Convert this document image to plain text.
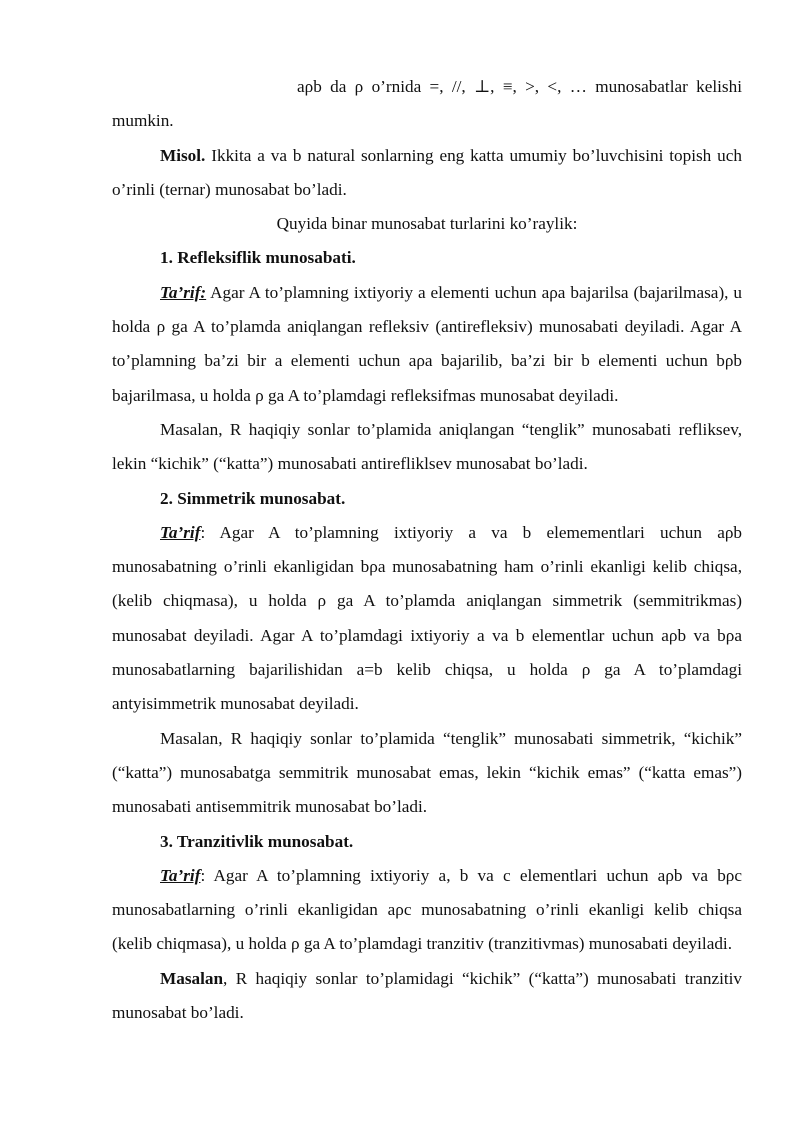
aρb da ρ o’rnida =, //, ⊥, ≡, >, <, … munosabatlar kelishi mumkin.

Misol. Ikkita a va b natural sonlarning eng katta umumiy bo’luvchisini topish uch o’rinli (ternar) munosabat bo’ladi.

Quyida binar munosabat turlarini ko’raylik:

1. Refleksiflik munosabati.

Ta’rif: Agar A to’plamning ixtiyoriy a elementi uchun aρa bajarilsa (bajarilmasa), u holda ρ ga A to’plamda aniqlangan refleksiv (antirefleksiv) munosabati deyiladi. Agar A to’plamning ba’zi bir a elementi uchun aρa bajarilib, ba’zi bir b elementi uchun bρb bajarilmasa, u holda ρ ga A to’plamdagi refleksifmas munosabat deyiladi.

Masalan, R haqiqiy sonlar to’plamida aniqlangan “tenglik” munosabati refliksev, lekin “kichik” (“katta”) munosabati antirefliklsev munosabat bo’ladi.

2. Simmetrik munosabat.

Ta’rif: Agar A to’plamning ixtiyoriy a va b elemementlari uchun aρb munosabatning o’rinli ekanligidan bρa munosabatning ham o’rinli ekanligi kelib chiqsa,(kelib chiqmasa), u holda ρ ga A to’plamda aniqlangan simmetrik (semmitrikmas) munosabat deyiladi. Agar A to’plamdagi ixtiyoriy a va b elementlar uchun aρb va bρa munosabatlarning bajarilishidan a=b kelib chiqsa, u holda ρ ga A to’plamdagi antyisimmetrik munosabat deyiladi.

Masalan, R haqiqiy sonlar to’plamida “tenglik” munosabati simmetrik, “kichik” (“katta”) munosabatga semmitrik munosabat emas, lekin “kichik emas” (“katta emas”) munosabati antisemmitrik munosabat bo’ladi.

3. Tranzitivlik munosabat.

Ta’rif: Agar A to’plamning ixtiyoriy a, b va c elementlari uchun aρb va bρc munosabatlarning o’rinli ekanligidan aρc munosabatning o’rinli ekanligi kelib chiqsa (kelib chiqmasa), u holda ρ ga A to’plamdagi tranzitiv (tranzitivmas) munosabati deyiladi.

Masalan, R haqiqiy sonlar to’plamidagi “kichik” (“katta”) munosabati tranzitiv munosabat bo’ladi.
